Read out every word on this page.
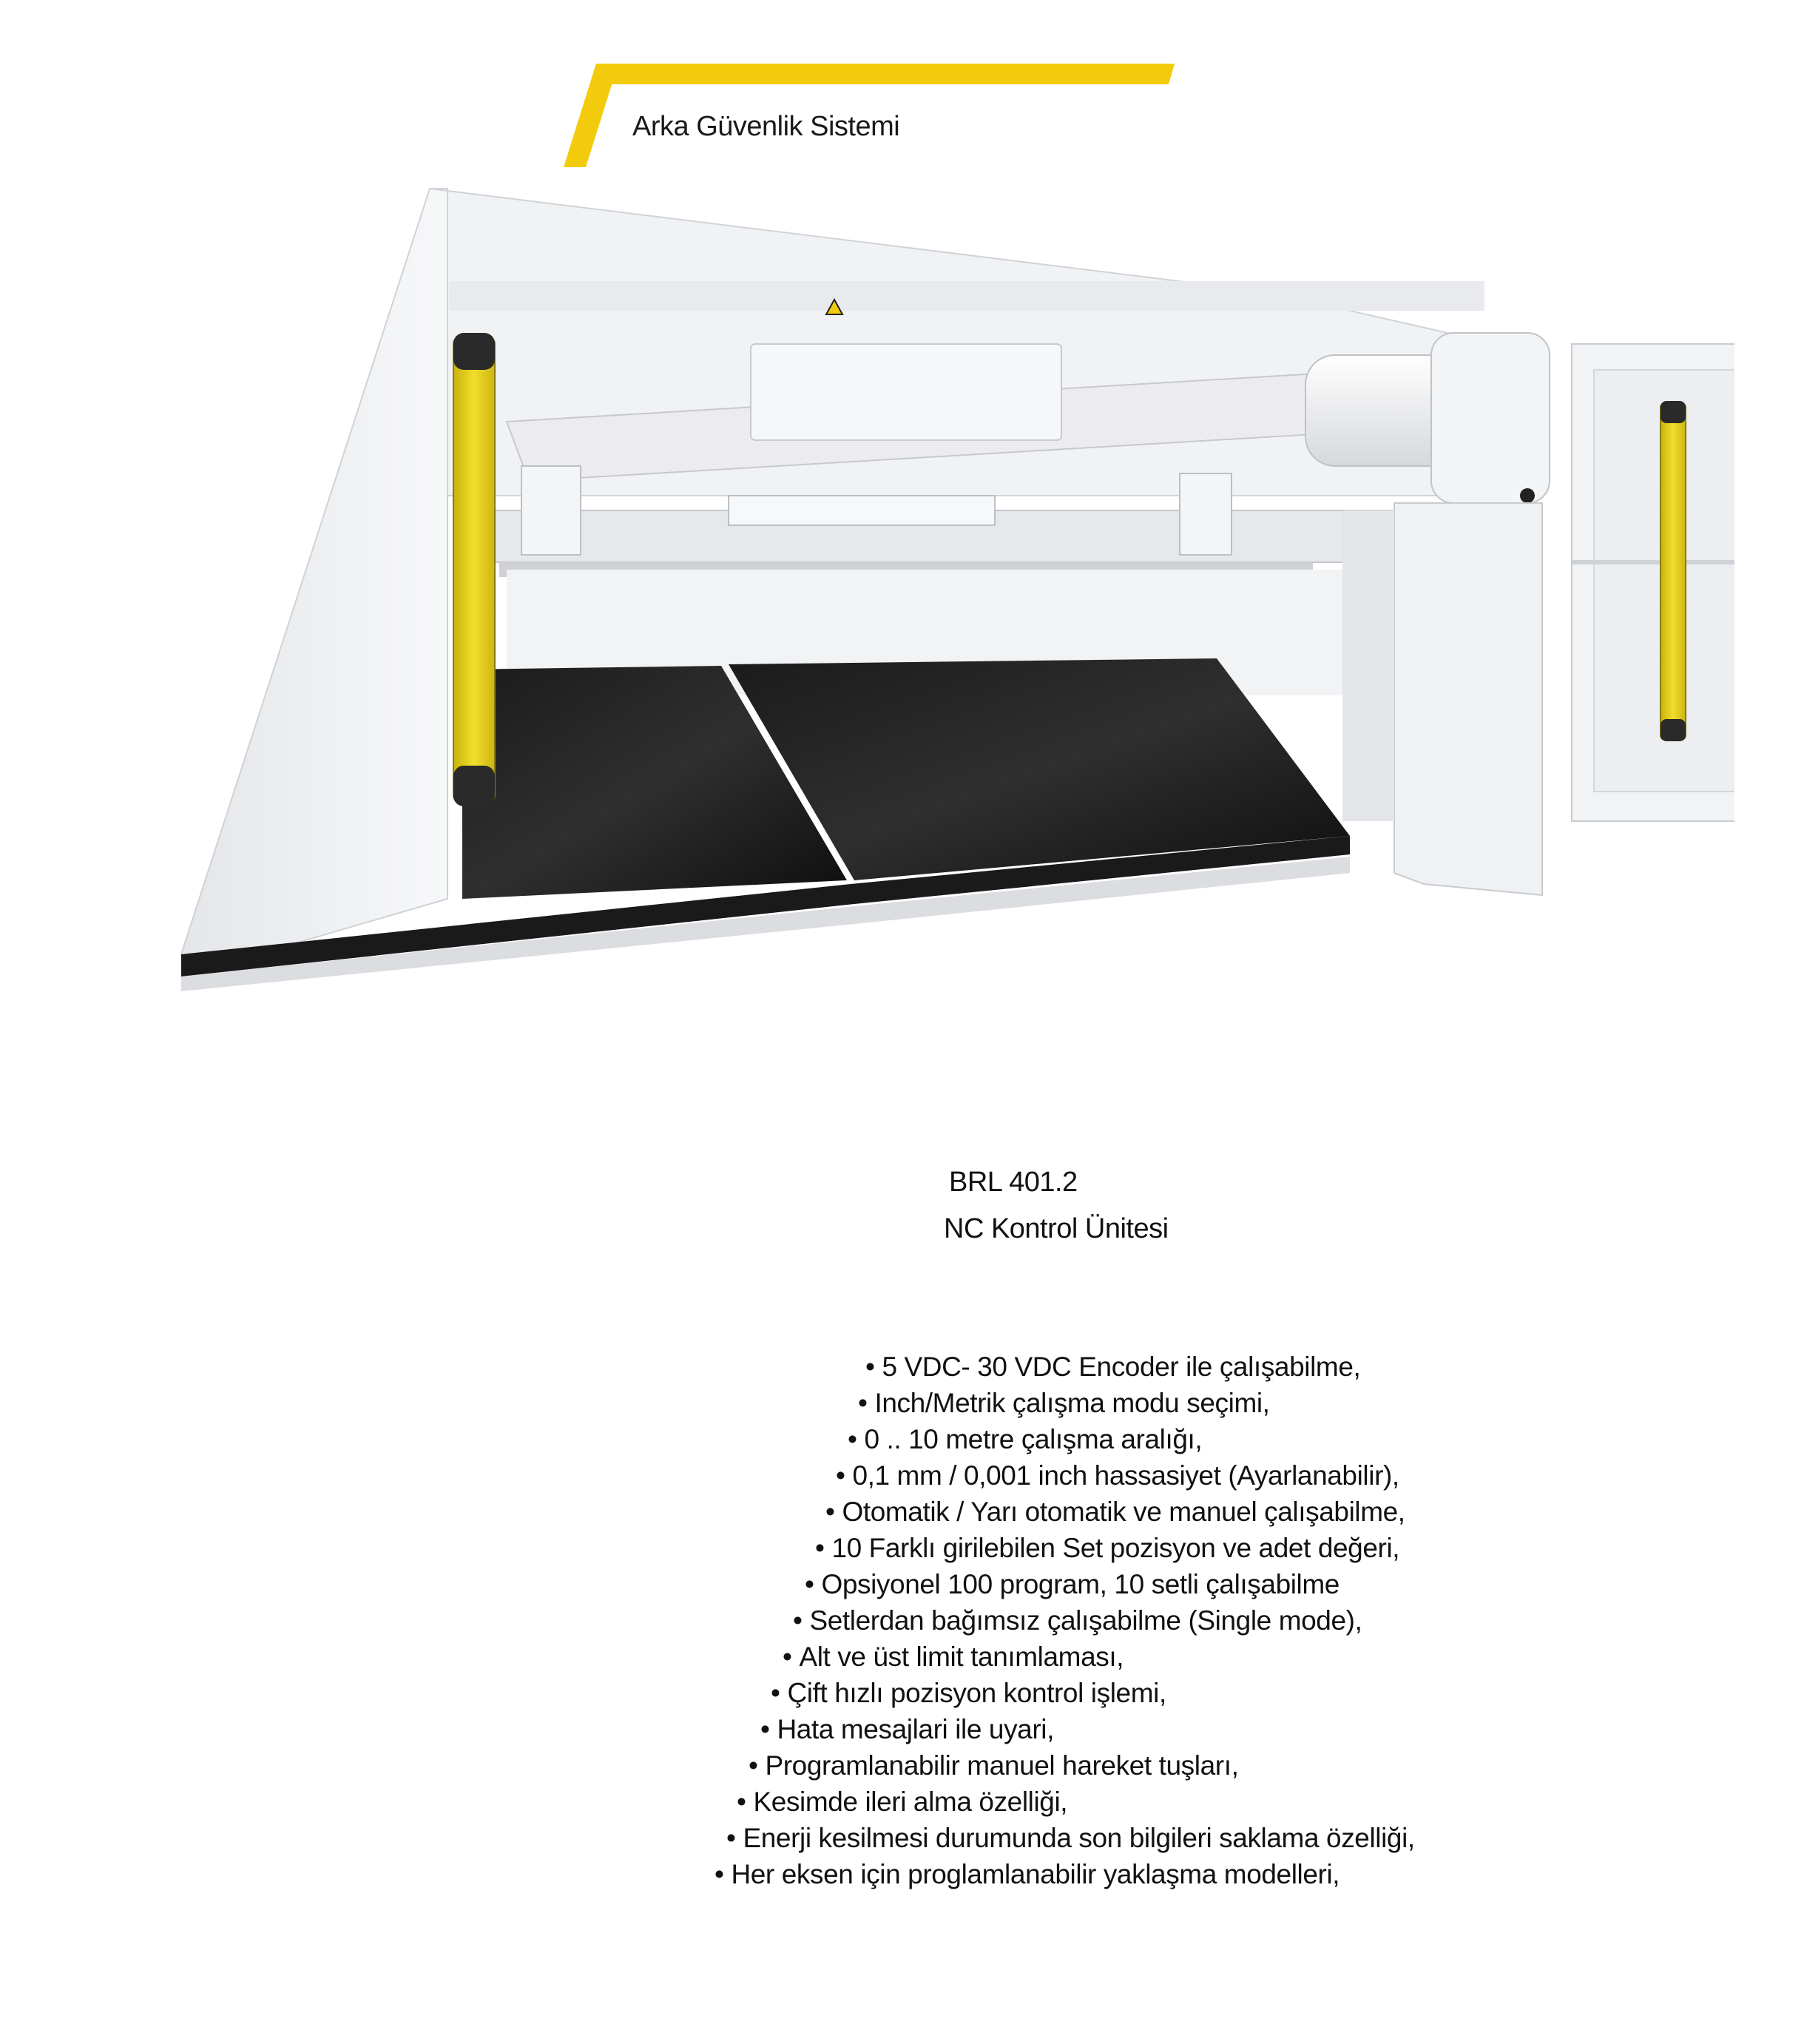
Arka Güvenlik Sistemi
BRL 401.2
NC Kontrol Ünitesi
• 5 VDC- 30 VDC Encoder ile çalışabilme,
• Inch/Metrik çalışma modu seçimi,
• 0 .. 10 metre çalışma aralığı,
• 0,1 mm / 0,001 inch hassasiyet (Ayarlanabilir),
• Otomatik / Yarı otomatik ve manuel çalışabilme,
• 10 Farklı girilebilen Set pozisyon ve adet değeri,
• Opsiyonel 100 program, 10 setli çalışabilme
• Setlerdan bağımsız çalışabilme (Single mode),
• Alt ve üst limit tanımlaması,
• Çift hızlı pozisyon kontrol işlemi,
• Hata mesajlari ile uyari,
• Programlanabilir manuel hareket tuşları,
• Kesimde ileri alma özelliği,
• Enerji kesilmesi durumunda son bilgileri saklama özelliği,
• Her eksen için proglamlanabilir yaklaşma modelleri,
